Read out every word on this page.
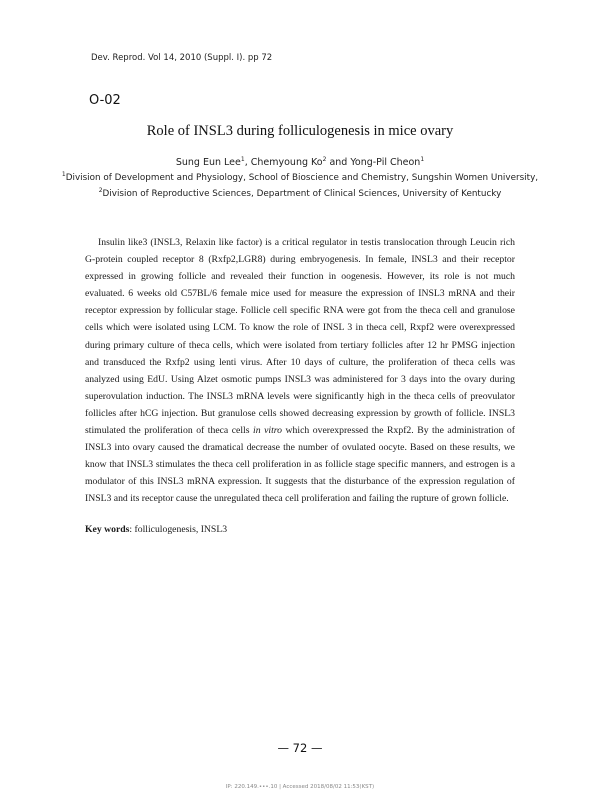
Dev. Reprod. Vol 14, 2010 (Suppl. I). pp 72
O-02
Role of INSL3 during folliculogenesis in mice ovary
Sung Eun Lee$^1$, Chemyoung Ko$^2$ and Yong-Pil Cheon$^1$
$^1$Division of Development and Physiology, School of Bioscience and Chemistry, Sungshin Women University,
$^2$Division of Reproductive Sciences, Department of Clinical Sciences, University of Kentucky

Insulin like3 (INSL3, Relaxin like factor) is a critical regulator in testis translocation through Leucin rich G-protein coupled receptor 8 (Rxfp2,LGR8) during embryogenesis. In female, INSL3 and their receptor expressed in growing follicle and revealed their function in oogenesis. However, its role is not much evaluated. 6 weeks old C57BL/6 female mice used for measure the expression of INSL3 mRNA and their receptor expression by follicular stage. Follicle cell specific RNA were got from the theca cell and granulose cells which were isolated using LCM. To know the role of INSL 3 in theca cell, Rxpf2 were overexpressed during primary culture of theca cells, which were isolated from tertiary follicles after 12 hr PMSG injection and transduced the Rxfp2 using lenti virus. After 10 days of culture, the proliferation of theca cells was analyzed using EdU. Using Alzet osmotic pumps INSL3 was administered for 3 days into the ovary during superovulation induction. The INSL3 mRNA levels were significantly high in the theca cells of preovulator follicles after hCG injection. But granulose cells showed decreasing expression by growth of follicle. INSL3 stimulated the proliferation of theca cells in vitro which overexpressed the Rxpf2. By the administration of INSL3 into ovary caused the dramatical decrease the number of ovulated oocyte. Based on these results, we know that INSL3 stimulates the theca cell proliferation in as follicle stage specific manners, and estrogen is a modulator of this INSL3 mRNA expression. It suggests that the disturbance of the expression regulation of INSL3 and its receptor cause the unregulated theca cell proliferation and failing the rupture of grown follicle.

Key words: folliculogenesis, INSL3
— 72 —
IP: 220.149.•••.10 | Accessed 2018/08/02 11:53(KST)
